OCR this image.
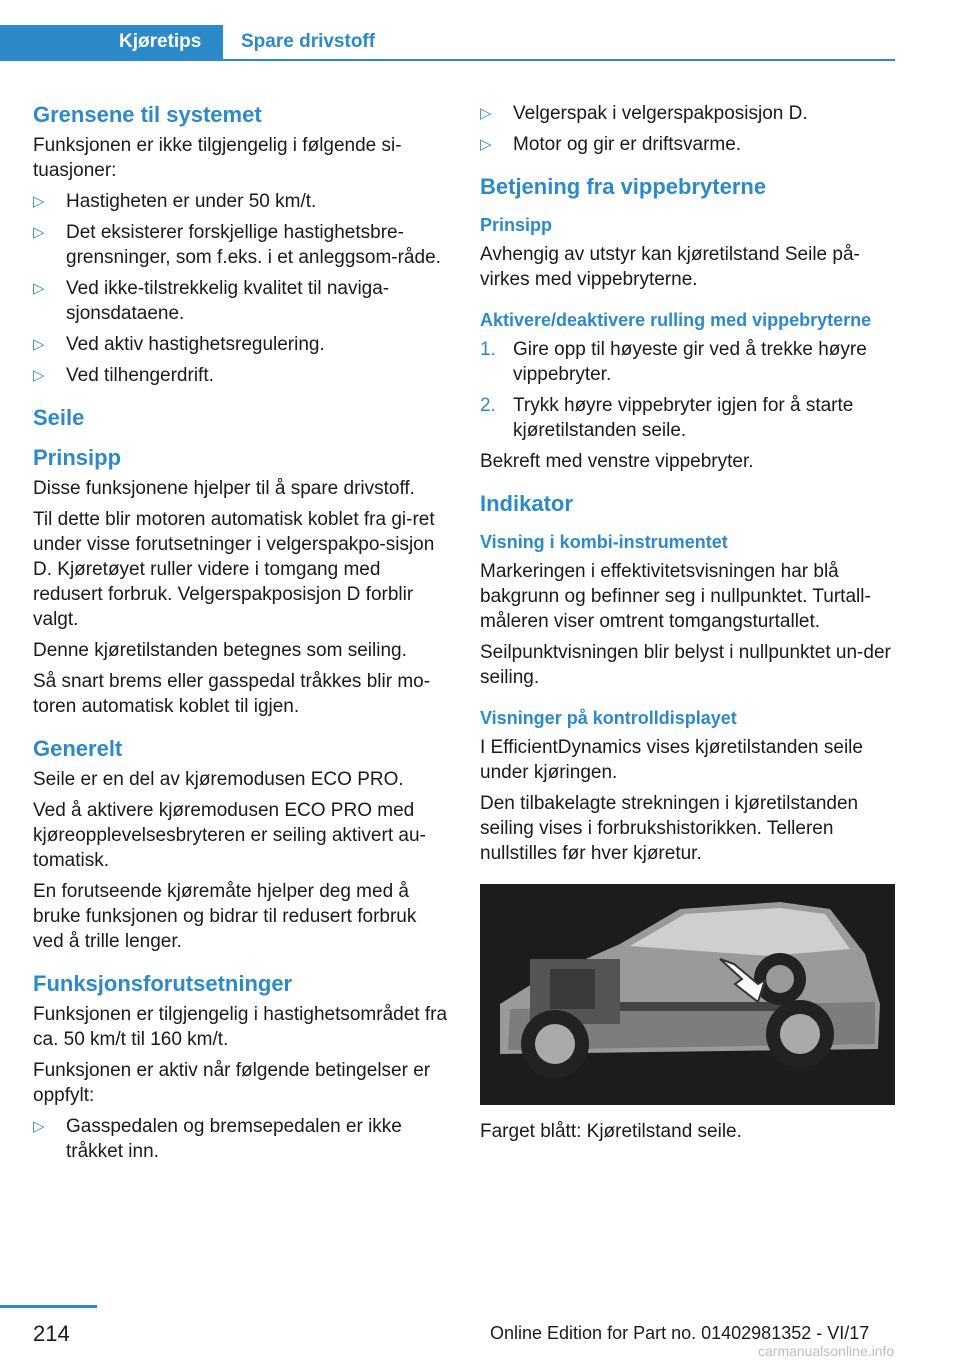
Kjøretips	Spare drivstoff
Grensene til systemet
Funksjonen er ikke tilgjengelig i følgende si-tuasjoner:
▷ Hastigheten er under 50 km/t.
▷ Det eksisterer forskjellige hastighetsbre-grensninger, som f.eks. i et anleggsom-råde.
▷ Ved ikke-tilstrekkelig kvalitet til naviga-sjonsdataene.
▷ Ved aktiv hastighetsregulering.
▷ Ved tilhengerdrift.
Seile
Prinsipp
Disse funksjonene hjelper til å spare drivstoff.
Til dette blir motoren automatisk koblet fra gi-ret under visse forutsetninger i velgerspakpo-sisjon D. Kjøretøyet ruller videre i tomgang med redusert forbruk. Velgerspakposisjon D forblir valgt.
Denne kjøretilstanden betegnes som seiling.
Så snart brems eller gasspedal tråkkes blir mo-toren automatisk koblet til igjen.
Generelt
Seile er en del av kjøremodusen ECO PRO.
Ved å aktivere kjøremodusen ECO PRO med kjøreopplevelsesbryteren er seiling aktivert au-tomatisk.
En forutseende kjøremåte hjelper deg med å bruke funksjonen og bidrar til redusert forbruk ved å trille lenger.
Funksjonsforutsetninger
Funksjonen er tilgjengelig i hastighetsområdet fra ca. 50 km/t til 160 km/t.
Funksjonen er aktiv når følgende betingelser er oppfylt:
▷ Gasspedalen og bremsepedalen er ikke tråkket inn.
▷ Velgerspak i velgerspakposisjon D.
▷ Motor og gir er driftsvarme.
Betjening fra vippebryterne
Prinsipp
Avhengig av utstyr kan kjøretilstand Seile på-virkes med vippebryterne.
Aktivere/deaktivere rulling med vippebryterne
1. Gire opp til høyeste gir ved å trekke høyre vippebryter.
2. Trykk høyre vippebryter igjen for å starte kjøretilstanden seile.
Bekreft med venstre vippebryter.
Indikator
Visning i kombi-instrumentet
Markeringen i effektivitetsvisningen har blå bakgrunn og befinner seg i nullpunktet. Turtall-måleren viser omtrent tomgangsturtallet.
Seilpunktvisningen blir belyst i nullpunktet un-der seiling.
Visninger på kontrolldisplayet
I EfficientDynamics vises kjøretilstanden seile under kjøringen.
Den tilbakelagte strekningen i kjøretilstanden seiling vises i forbrukshistorikken. Telleren nullstilles før hver kjøretur.
Farget blått: Kjøretilstand seile.
214	Online Edition for Part no. 01402981352 - VI/17
carmanualsonline.info
